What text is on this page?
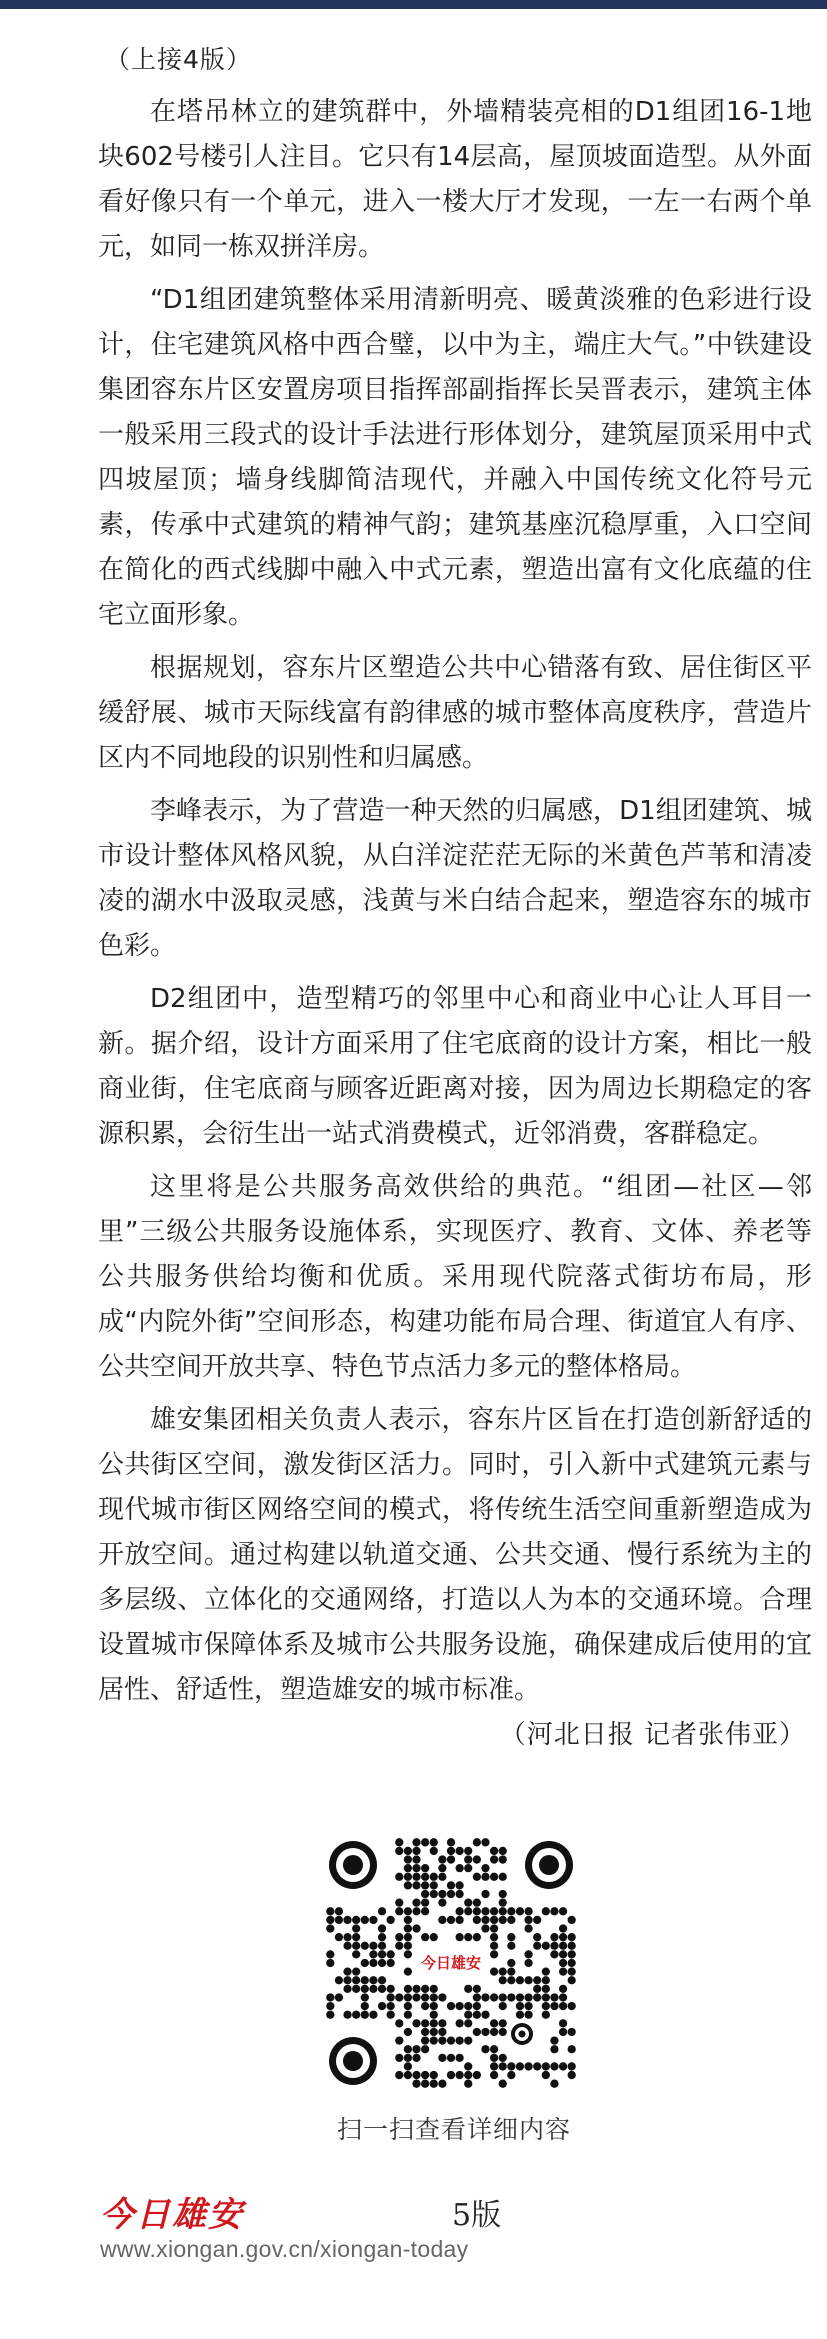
（上接4版）

在塔吊林立的建筑群中，外墙精装亮相的D1组团16-1地块602号楼引人注目。它只有14层高，屋顶坡面造型。从外面看好像只有一个单元，进入一楼大厅才发现，一左一右两个单元，如同一栋双拼洋房。

“D1组团建筑整体采用清新明亮、暖黄淡雅的色彩进行设计，住宅建筑风格中西合璧，以中为主，端庄大气。”中铁建设集团容东片区安置房项目指挥部副指挥长吴晋表示，建筑主体一般采用三段式的设计手法进行形体划分，建筑屋顶采用中式四坡屋顶；墙身线脚简洁现代，并融入中国传统文化符号元素，传承中式建筑的精神气韵；建筑基座沉稳厚重，入口空间在简化的西式线脚中融入中式元素，塑造出富有文化底蕴的住宅立面形象。

根据规划，容东片区塑造公共中心错落有致、居住街区平缓舒展、城市天际线富有韵律感的城市整体高度秩序，营造片区内不同地段的识别性和归属感。

李峰表示，为了营造一种天然的归属感，D1组团建筑、城市设计整体风格风貌，从白洋淀茫茫无际的米黄色芦苇和清凌凌的湖水中汲取灵感，浅黄与米白结合起来，塑造容东的城市色彩。

D2组团中，造型精巧的邻里中心和商业中心让人耳目一新。据介绍，设计方面采用了住宅底商的设计方案，相比一般商业街，住宅底商与顾客近距离对接，因为周边长期稳定的客源积累，会衍生出一站式消费模式，近邻消费，客群稳定。

这里将是公共服务高效供给的典范。“组团—社区—邻里”三级公共服务设施体系，实现医疗、教育、文体、养老等公共服务供给均衡和优质。采用现代院落式街坊布局，形成“内院外街”空间形态，构建功能布局合理、街道宜人有序、公共空间开放共享、特色节点活力多元的整体格局。

雄安集团相关负责人表示，容东片区旨在打造创新舒适的公共街区空间，激发街区活力。同时，引入新中式建筑元素与现代城市街区网络空间的模式，将传统生活空间重新塑造成为开放空间。通过构建以轨道交通、公共交通、慢行系统为主的多层级、立体化的交通网络，打造以人为本的交通环境。合理设置城市保障体系及城市公共服务设施，确保建成后使用的宜居性、舒适性，塑造雄安的城市标准。
（河北日报 记者张伟亚）

今日雄安
扫一扫查看详细内容
今日雄安	5版
www.xiongan.gov.cn/xiongan-today
